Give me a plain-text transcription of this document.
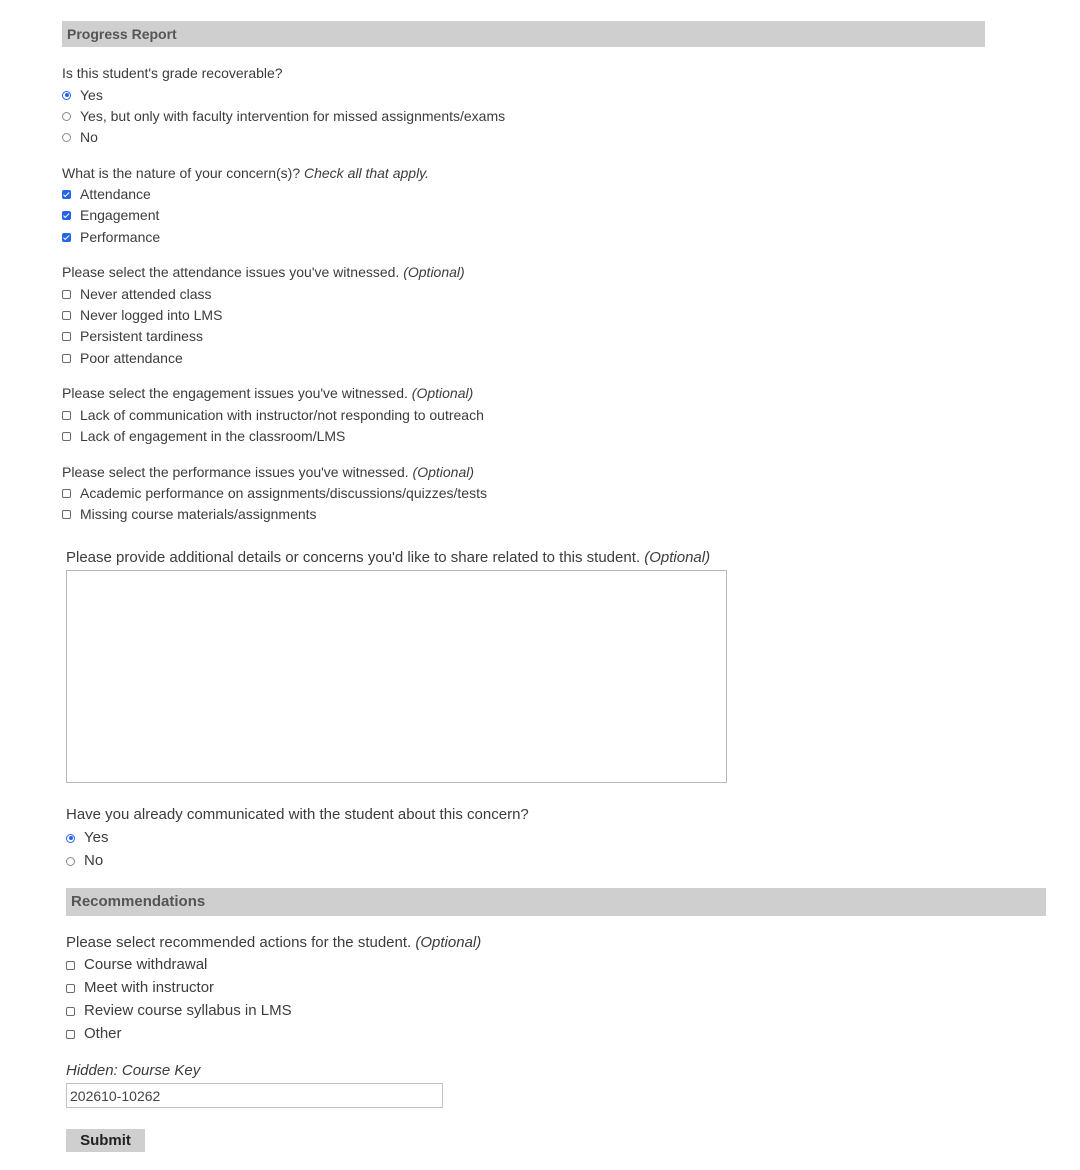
Progress Report
Is this student's grade recoverable?
Yes
Yes, but only with faculty intervention for missed assignments/exams
No
What is the nature of your concern(s)? Check all that apply.
Attendance
Engagement
Performance
Please select the attendance issues you've witnessed. (Optional)
Never attended class
Never logged into LMS
Persistent tardiness
Poor attendance
Please select the engagement issues you've witnessed. (Optional)
Lack of communication with instructor/not responding to outreach
Lack of engagement in the classroom/LMS
Please select the performance issues you've witnessed. (Optional)
Academic performance on assignments/discussions/quizzes/tests
Missing course materials/assignments
Please provide additional details or concerns you'd like to share related to this student. (Optional)
Have you already communicated with the student about this concern?
Yes
No
Recommendations
Please select recommended actions for the student. (Optional)
Course withdrawal
Meet with instructor
Review course syllabus in LMS
Other
Hidden: Course Key
202610-10262
Submit
